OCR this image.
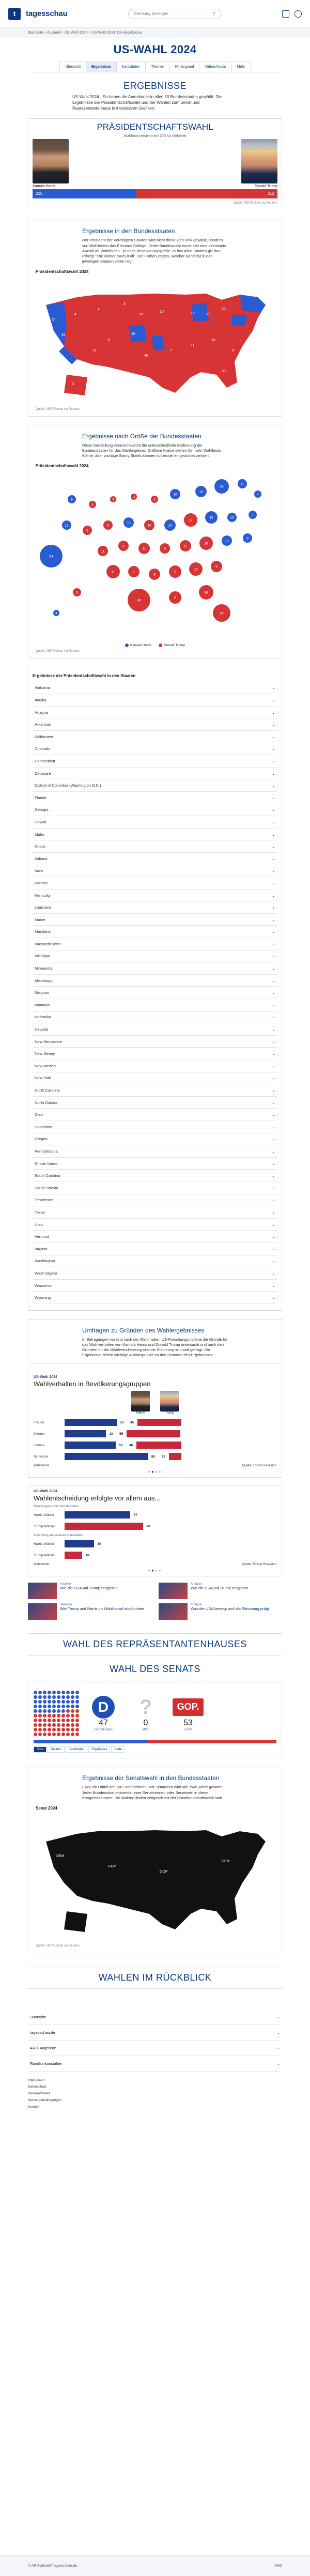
t	tagesschau	Sendung anzeigen	⚲
Startseite > Ausland > US-Wahl 2024 > US-Wahl 2024: Die Ergebnisse
US-WAHL 2024
Übersicht	Ergebnisse	Kandidaten	Themen	Hintergrund	Videos/Audio	Mehr
ERGEBNISSE
US-Wahl 2024 - So haben die Amerikaner in allen 50 Bundesstaaten gewählt. Die Ergebnisse der Präsidentschaftswahl und der Wahlen zum Senat und Repräsentantenhaus in interaktiven Grafiken.
PRÄSIDENTSCHAFTSWAHL
Wahlmännerstimmen: 270 für Mehrheit
Kamala Harris	Donald Trump
226	312
Quelle: NEP/Edison via Reuters
Ergebnisse in den Bundesstaaten
Der Präsident der Vereinigten Staaten wird nicht direkt vom Volk gewählt, sondern von Wahlleuten des Electoral College. Jeder Bundesstaat entsendet eine bestimmte Anzahl an Wahlleuten - je nach Bevölkerungsgröße. In fast allen Staaten gilt das Prinzip "The winner takes it all". Die Farben zeigen, welcher Kandidat in den jeweiligen Staaten vorne liegt.
Präsidentschaftswahl 2024
12
4
4
3
10
10	15	17
28
10
6
11
40
7
11
16
9
30
54
3
Quelle: NEP/Edison via Reuters
Ergebnisse nach Größe der Bundesstaaten
Diese Darstellung veranschaulicht die unterschiedliche Bedeutung der Bundesstaaten für das Wahlergebnis. Größere Kreise stehen für mehr Wahlleute. Kleine, aber wichtige Swing States können so besser eingeordnet werden.
Präsidentschaftswahl 2024
54
12
8
4
3
3
4
10
14
28
11
4
6
6
10
10	15
17
19	10
7
11
8
11	8
11
16
13
9
11	7
8
9
16
9
40
8
16
30
3
4
Kamala Harris	Donald Trump
Quelle: NEP/Edison via Reuters
Ergebnisse der Präsidentschaftswahl in den Staaten
Alabama	⌄
Alaska	⌄
Arizona	⌄
Arkansas	⌄
Kalifornien	⌄
Colorado	⌄
Connecticut	⌄
Delaware	⌄
District of Columbia (Washington D.C.)	⌄
Florida	⌄
Georgia	⌄
Hawaii	⌄
Idaho	⌄
Illinois	⌄
Indiana	⌄
Iowa	⌄
Kansas	⌄
Kentucky	⌄
Louisiana	⌄
Maine	⌄
Maryland	⌄
Massachusetts	⌄
Michigan	⌄
Minnesota	⌄
Mississippi	⌄
Missouri	⌄
Montana	⌄
Nebraska	⌄
Nevada	⌄
New Hampshire	⌄
New Jersey	⌄
New Mexico	⌄
New York	⌄
North Carolina	⌄
North Dakota	⌄
Ohio	⌄
Oklahoma	⌄
Oregon	⌄
Pennsylvania	⌄
Rhode Island	⌄
South Carolina	⌄
South Dakota	⌄
Tennessee	⌄
Texas	⌄
Utah	⌄
Vermont	⌄
Virginia	⌄
Washington	⌄
West Virginia	⌄
Wisconsin	⌄
Wyoming	⌄
Umfragen zu Gründen des Wahlergebnisses
In Befragungen vor und nach der Wahl haben US-Forschungsinstitute die Gründe für das Wahlverhalten von Kamala Harris und Donald Trump untersucht und nach den Gründen für die Wahlentscheidung und die Stimmung im Land gefragt. Die Ergebnisse liefern wichtige Anhaltspunkte zu den Gründen des Ergebnisses.
US-Wahl 2024
Wahlverhalten in Bevölkerungsgruppen
Harris	Trump
Frauen	53	45
Männer	42	55
Latinos	52	46
Schwarze	85	13
Wahltrends	Quelle: Edison Research
●●●●
US-Wahl 2024
Wahlentscheidung erfolgte vor allem aus...
Überzeugung von Kamala Harris
Harris-Wähler	67
Trump-Wähler	80
Ablehnung des anderen Kandidaten
Harris-Wähler	30
Trump-Wähler	18
Wahltrends	Quelle: Edison Research
●●●●
Analyse
Wie die USA auf Trump reagieren
Analyse
Wie die USA auf Trump reagieren
Interview
Wie Trump und Harris im Wahlkampf abschnitten
Analyse
Was die USA bewegt und die Stimmung prägt
WAHL DES REPRÄSENTANTENHAUSES
WAHL DES SENATS
D
47
Demokraten
?
0
offen
GOP.
53
GOP
Sitze	Staaten	Kandidaten	Ergebnisse	Karte
Ergebnisse der Senatswahl in den Bundesstaaten
Etwa ein Drittel der 100 Senatorinnen und Senatoren wird alle zwei Jahre gewählt. Jeder Bundesstaat entsendet zwei Senatorinnen oder Senatoren in diese Kongresskammer. Die Wahlen finden zeitgleich mit der Präsidentschaftswahl statt.
Senat 2024
DEM
GOP
GOP
DEM
Quelle: NEP/Edison via Reuters
WAHLEN IM RÜCKBLICK
Startseite	⌄
tagesschau.de	⌄
ARD-Angebote	⌄
Rundfunkanstalten	⌄
Impressum
Datenschutz
Barrierefreiheit
Nutzungsbedingungen
Kontakt
© ARD-aktuell / tagesschau.de	ARD
